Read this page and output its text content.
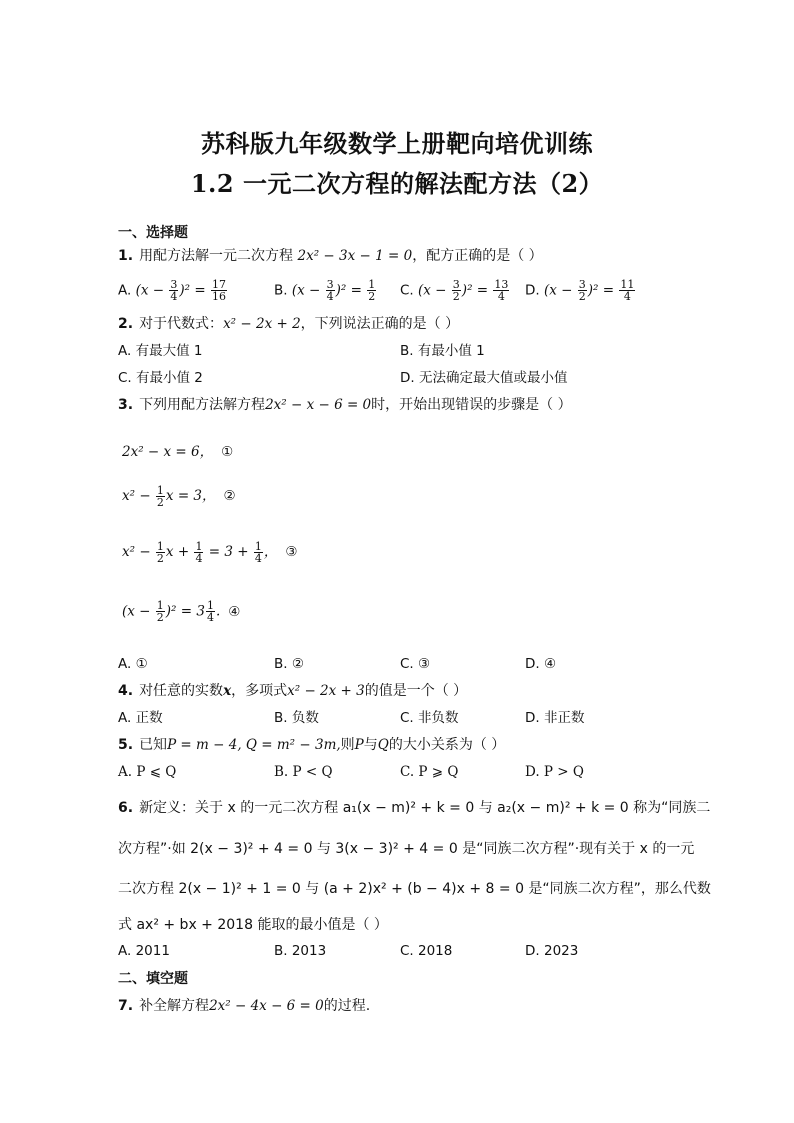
苏科版九年级数学上册靶向培优训练
1.2 一元二次方程的解法配方法（2）
一、选择题
1. 用配方法解一元二次方程 2x² − 3x − 1 = 0，配方正确的是（ ）
A. $(x - \frac{3}{4} )^2 = \frac{17}{16}$	B. $(x - \frac{3}{4} )^2 = \frac{1}{2} C$. $(x - \frac{3}{2} )^2 = \frac{13}{4} D$. $(x - \frac{3}{2} )^2 = \frac{11}{4}$
2. 对于代数式：x² − 2x + 2，下列说法正确的是（ ）
A. 有最大值 1	B. 有最小值 1
C. 有最小值 2	D. 无法确定最大值或最小值
3. 下列用配方法解方程2x² − x − 6 = 0时，开始出现错误的步骤是（ ）
2x² − x = 6， ①
$x^2 - \frac{1}{2}$ x = 3， ②
$x^2 - \frac{1}{2}$ $x + \frac{1}{4} = 3 + \frac{1}{4}$ ， ③
$(x - \frac{1}{2} )^2 = 3 \frac{1}{4}$ . ④
A. ①	B. ②	C. ③	D. ④
4. 对任意的实数x，多项式x² − 2x + 3的值是一个（ ）
A. 正数	B. 负数	C. 非负数	D. 非正数
5. 已知P = m − 4, Q = m² − 3m,则P与Q的大小关系为（ ）
A. P ⩽ Q	B. P < Q	C. P ⩾ Q	D. P > Q
6. 新定义：关于 x 的一元二次方程 a₁(x − m)² + k = 0 与 a₂(x − m)² + k = 0 称为“同族二
次方程”·如 2(x − 3)² + 4 = 0 与 3(x − 3)² + 4 = 0 是“同族二次方程”·现有关于 x 的一元
二次方程 2(x − 1)² + 1 = 0 与 (a + 2)x² + (b − 4)x + 8 = 0 是“同族二次方程”，那么代数
式 ax² + bx + 2018 能取的最小值是（ ）
A. 2011	B. 2013	C. 2018	D. 2023
二、填空题
7. 补全解方程2x² − 4x − 6 = 0的过程.
